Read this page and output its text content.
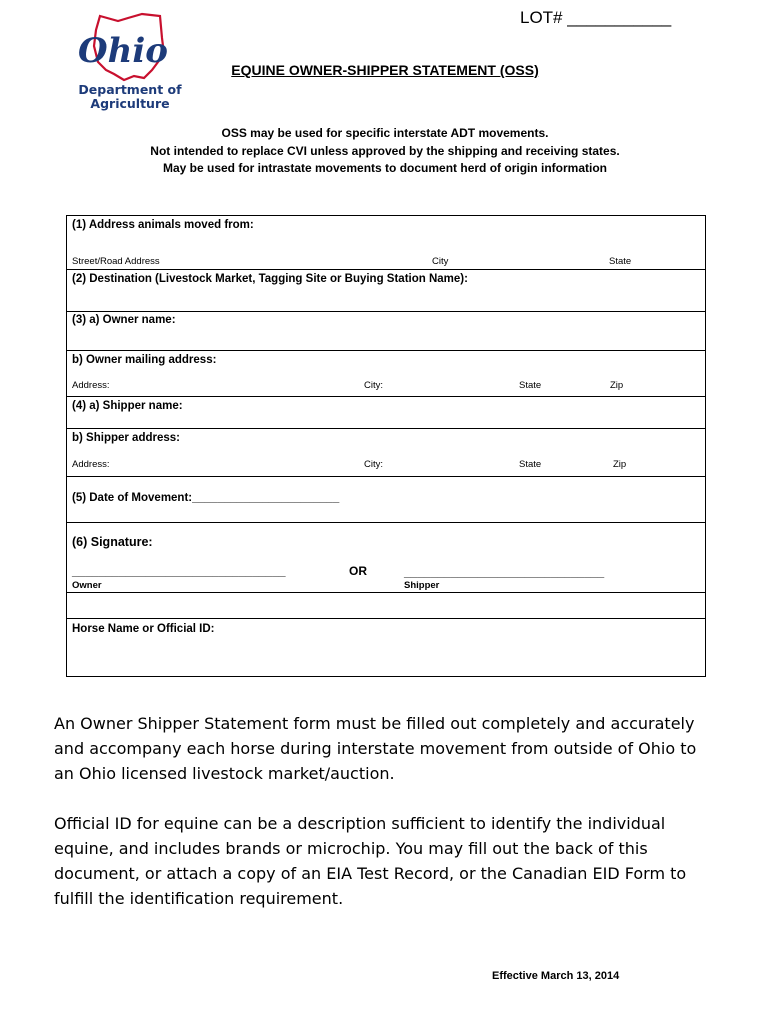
Ohio
Department of
Agriculture
LOT# ___________
EQUINE OWNER-SHIPPER STATEMENT (OSS)
OSS may be used for specific interstate ADT movements.
Not intended to replace CVI unless approved by the shipping and receiving states.
May be used for intrastate movements to document herd of origin information
(1) Address animals moved from:
Street/Road Address	City	State
(2) Destination (Livestock Market, Tagging Site or Buying Station Name):
(3) a) Owner name:
b) Owner mailing address:
Address:	City:	State	Zip
(4) a) Shipper name:
b) Shipper address:
Address:	City:	State	Zip
(5) Date of Movement:_______________________
(6) Signature:
________________________________	OR	______________________________
Owner	Shipper
Horse Name or Official ID:
An Owner Shipper Statement form must be filled out completely and accurately
and accompany each horse during interstate movement from outside of Ohio to
an Ohio licensed livestock market/auction.
Official ID for equine can be a description sufficient to identify the individual
equine, and includes brands or microchip. You may fill out the back of this
document, or attach a copy of an EIA Test Record, or the Canadian EID Form to
fulfill the identification requirement.
Effective March 13, 2014
